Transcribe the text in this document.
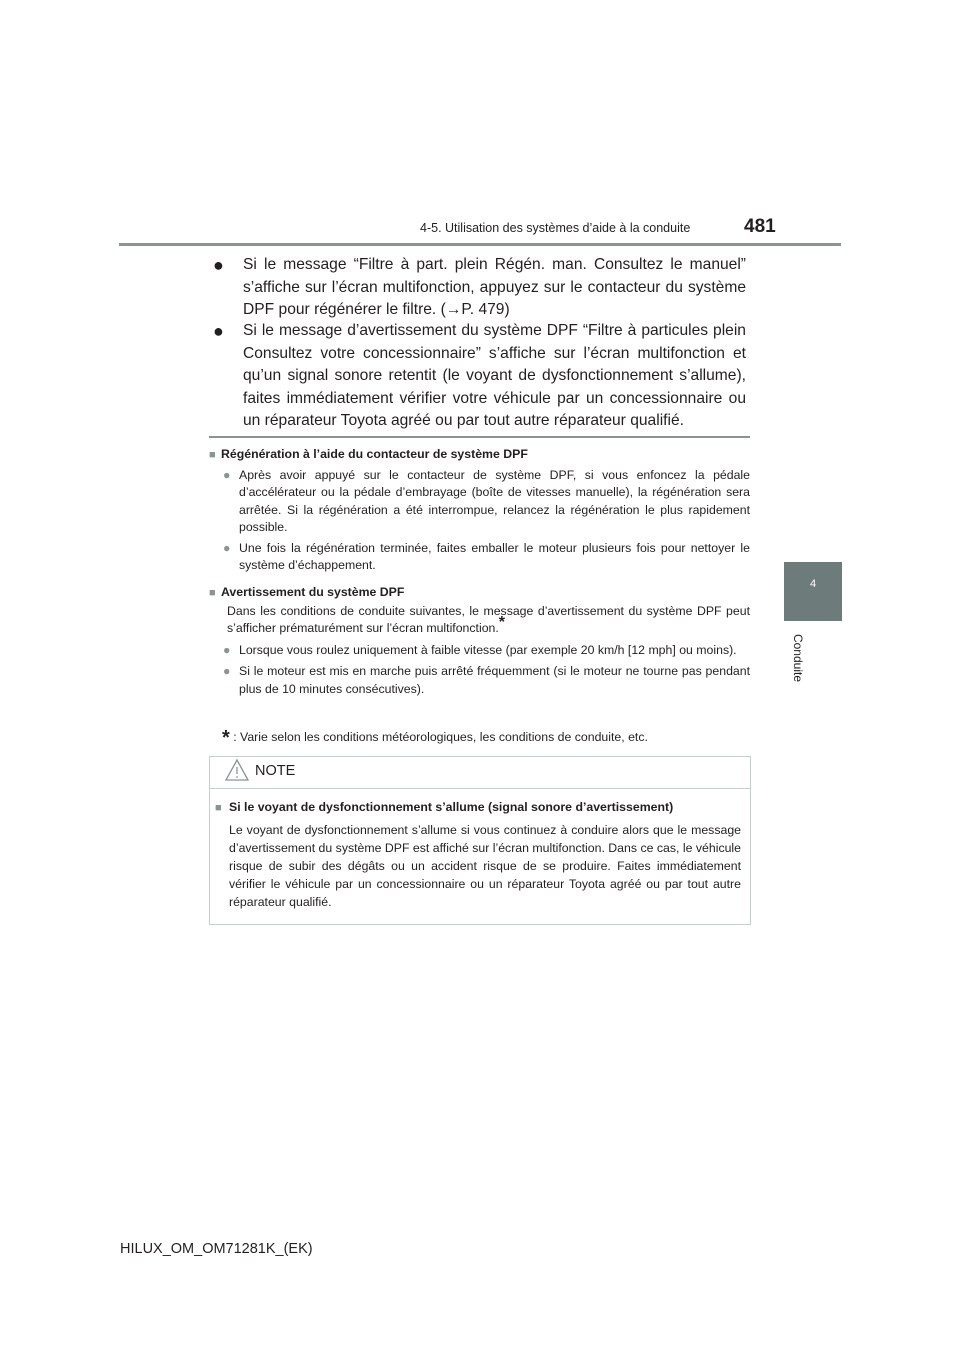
4-5. Utilisation des systèmes d’aide à la conduite	481
4
Conduite
● Si le message “Filtre à part. plein Régén. man. Consultez le manuel” s’affiche sur l’écran multifonction, appuyez sur le contacteur du système DPF pour régénérer le filtre. (→P. 479)
● Si le message d’avertissement du système DPF “Filtre à particules plein Consultez votre concessionnaire” s’affiche sur l’écran multifonction et qu’un signal sonore retentit (le voyant de dysfonctionnement s’allume), faites immédiatement vérifier votre véhicule par un concessionnaire ou un réparateur Toyota agréé ou par tout autre réparateur qualifié.
■ Régénération à l’aide du contacteur de système DPF
● Après avoir appuyé sur le contacteur de système DPF, si vous enfoncez la pédale d’accélérateur ou la pédale d’embrayage (boîte de vitesses manuelle), la régénération sera arrêtée. Si la régénération a été interrompue, relancez la régénération le plus rapidement possible.
● Une fois la régénération terminée, faites emballer le moteur plusieurs fois pour nettoyer le système d’échappement.
■ Avertissement du système DPF
Dans les conditions de conduite suivantes, le message d’avertissement du système DPF peut s’afficher prématurément sur l’écran multifonction.*
● Lorsque vous roulez uniquement à faible vitesse (par exemple 20 km/h [12 mph] ou moins).
● Si le moteur est mis en marche puis arrêté fréquemment (si le moteur ne tourne pas pendant plus de 10 minutes consécutives).
* : Varie selon les conditions météorologiques, les conditions de conduite, etc.
NOTE
■ Si le voyant de dysfonctionnement s’allume (signal sonore d’avertissement)
Le voyant de dysfonctionnement s’allume si vous continuez à conduire alors que le message d’avertissement du système DPF est affiché sur l’écran multifonction. Dans ce cas, le véhicule risque de subir des dégâts ou un accident risque de se produire. Faites immédiatement vérifier le véhicule par un concessionnaire ou un réparateur Toyota agréé ou par tout autre réparateur qualifié.
HILUX_OM_OM71281K_(EK)
